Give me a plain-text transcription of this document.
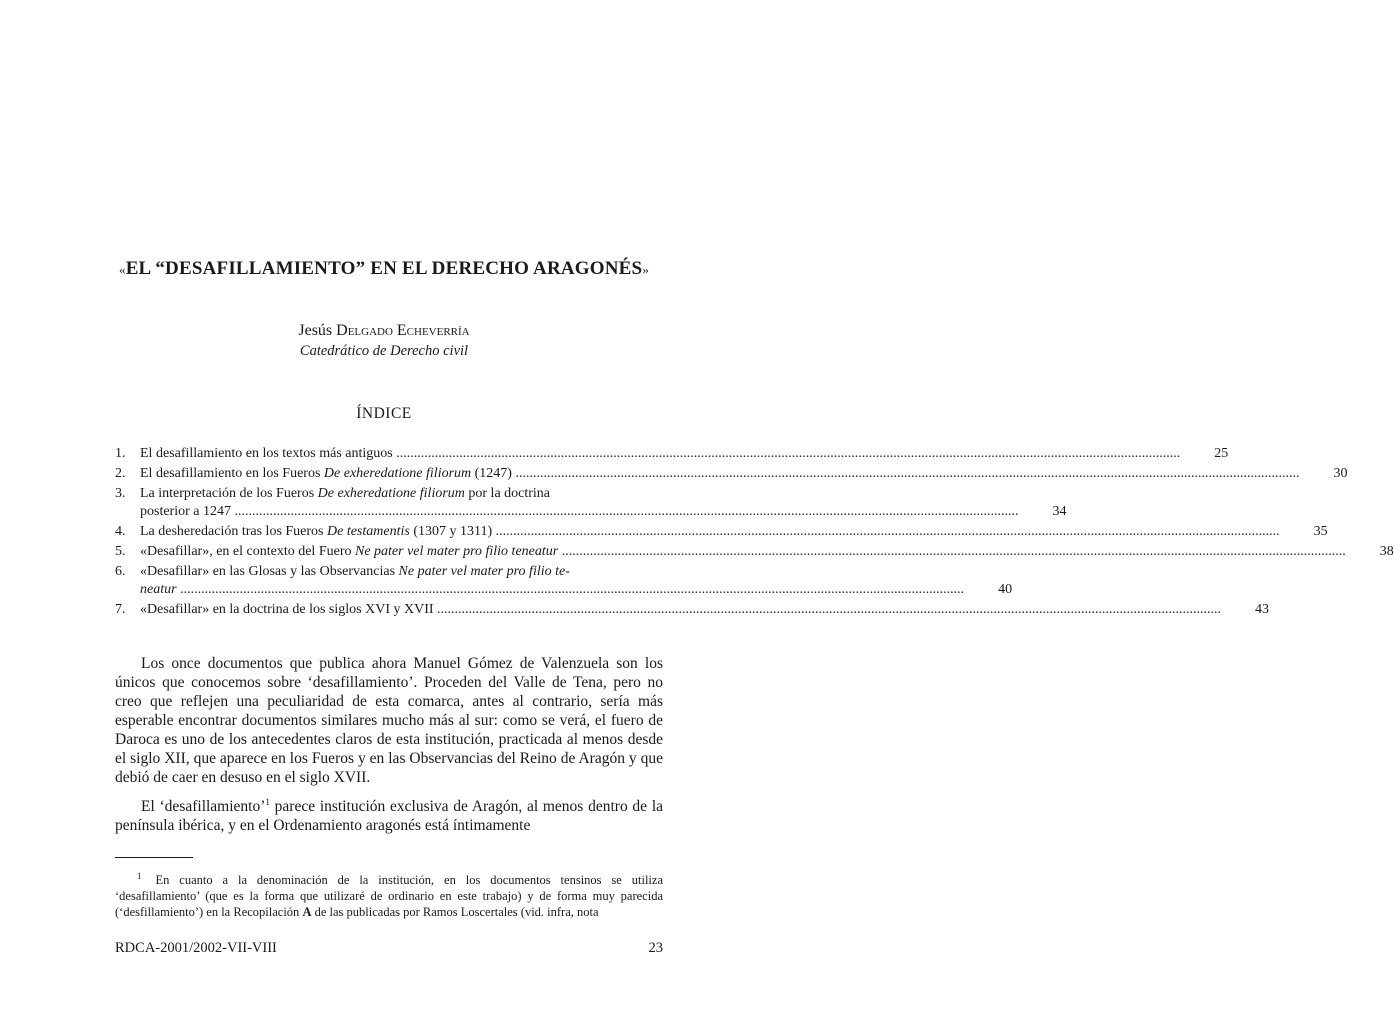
«EL “DESAFILLAMIENTO” EN EL DERECHO ARAGONÉS»
Jesús Delgado Echeverría
Catedrático de Derecho civil
ÍNDICE
1.	El desafillamiento en los textos más antiguos .....	25
2.	El desafillamiento en los Fueros De exheredatione filiorum (1247) .....	30
3.	La interpretación de los Fueros De exheredatione filiorum por la doctrina
posterior a 1247 .....	34
4.	La desheredación tras los Fueros De testamentis (1307 y 1311) .....	35
5.	«Desafillar», en el contexto del Fuero Ne pater vel mater pro filio teneatur .....	38
6.	«Desafillar» en las Glosas y las Observancias Ne pater vel mater pro filio te-
neatur .....	40
7.	«Desafillar» en la doctrina de los siglos XVI y XVII .....	43

Los once documentos que publica ahora Manuel Gómez de Valenzuela son los únicos que conocemos sobre ‘desafillamiento’. Proceden del Valle de Tena, pero no creo que reflejen una peculiaridad de esta comarca, antes al contrario, sería más esperable encontrar documentos similares mucho más al sur: como se verá, el fuero de Daroca es uno de los antecedentes claros de esta institución, practicada al menos desde el siglo XII, que aparece en los Fueros y en las Observancias del Reino de Aragón y que debió de caer en desuso en el siglo XVII.

El ‘desafillamiento’$^1$ parece institución exclusiva de Aragón, al menos dentro de la península ibérica, y en el Ordenamiento aragonés está íntimamente

$^1$ En cuanto a la denominación de la institución, en los documentos tensinos se utiliza ‘desafillamiento’ (que es la forma que utilizaré de ordinario en este trabajo) y de forma muy parecida (‘desfillamiento’) en la Recopilación A de las publicadas por Ramos Loscertales (vid. infra, nota
RDCA-2001/2002-VII-VIII	23
